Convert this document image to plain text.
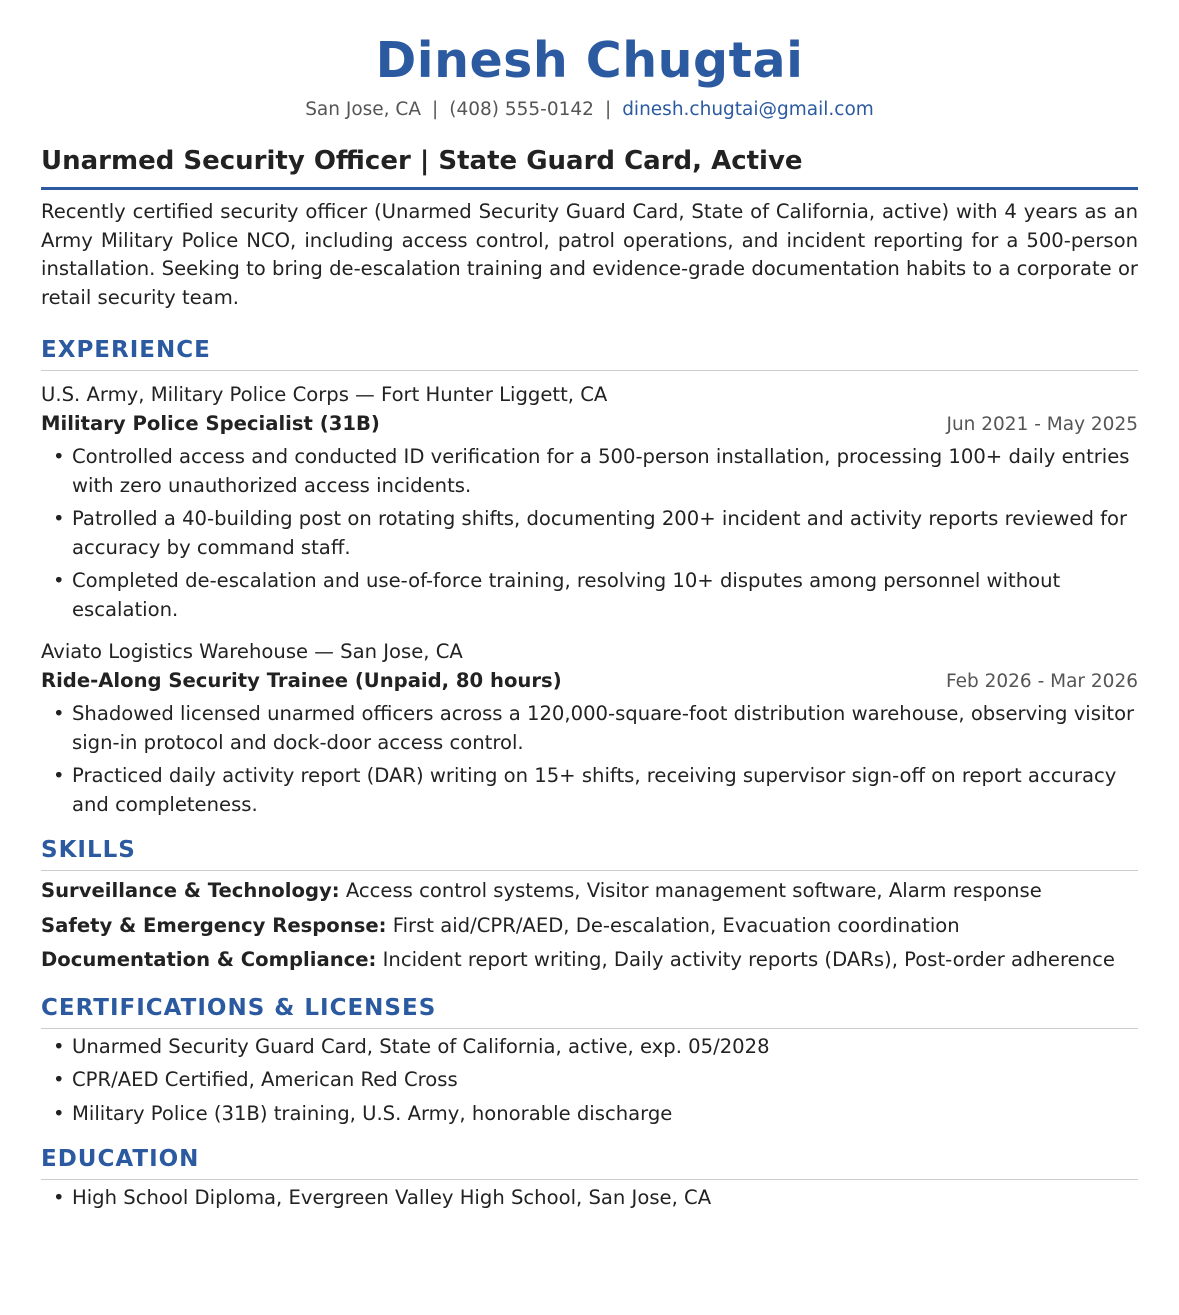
Dinesh Chugtai
San Jose, CA | (408) 555-0142 | dinesh.chugtai@gmail.com
Unarmed Security Officer | State Guard Card, Active
Recently certified security officer (Unarmed Security Guard Card, State of California, active) with 4 years as an Army Military Police NCO, including access control, patrol operations, and incident reporting for a 500-person installation. Seeking to bring de-escalation training and evidence-grade documentation habits to a corporate or retail security team.
EXPERIENCE
U.S. Army, Military Police Corps — Fort Hunter Liggett, CA
Military Police Specialist (31B)	Jun 2021 - May 2025
• Controlled access and conducted ID verification for a 500-person installation, processing 100+ daily entries with zero unauthorized access incidents.
• Patrolled a 40-building post on rotating shifts, documenting 200+ incident and activity reports reviewed for accuracy by command staff.
• Completed de-escalation and use-of-force training, resolving 10+ disputes among personnel without escalation.
Aviato Logistics Warehouse — San Jose, CA
Ride-Along Security Trainee (Unpaid, 80 hours)	Feb 2026 - Mar 2026
• Shadowed licensed unarmed officers across a 120,000-square-foot distribution warehouse, observing visitor sign-in protocol and dock-door access control.
• Practiced daily activity report (DAR) writing on 15+ shifts, receiving supervisor sign-off on report accuracy and completeness.
SKILLS
Surveillance & Technology: Access control systems, Visitor management software, Alarm response
Safety & Emergency Response: First aid/CPR/AED, De-escalation, Evacuation coordination
Documentation & Compliance: Incident report writing, Daily activity reports (DARs), Post-order adherence
CERTIFICATIONS & LICENSES
• Unarmed Security Guard Card, State of California, active, exp. 05/2028
• CPR/AED Certified, American Red Cross
• Military Police (31B) training, U.S. Army, honorable discharge
EDUCATION
• High School Diploma, Evergreen Valley High School, San Jose, CA
